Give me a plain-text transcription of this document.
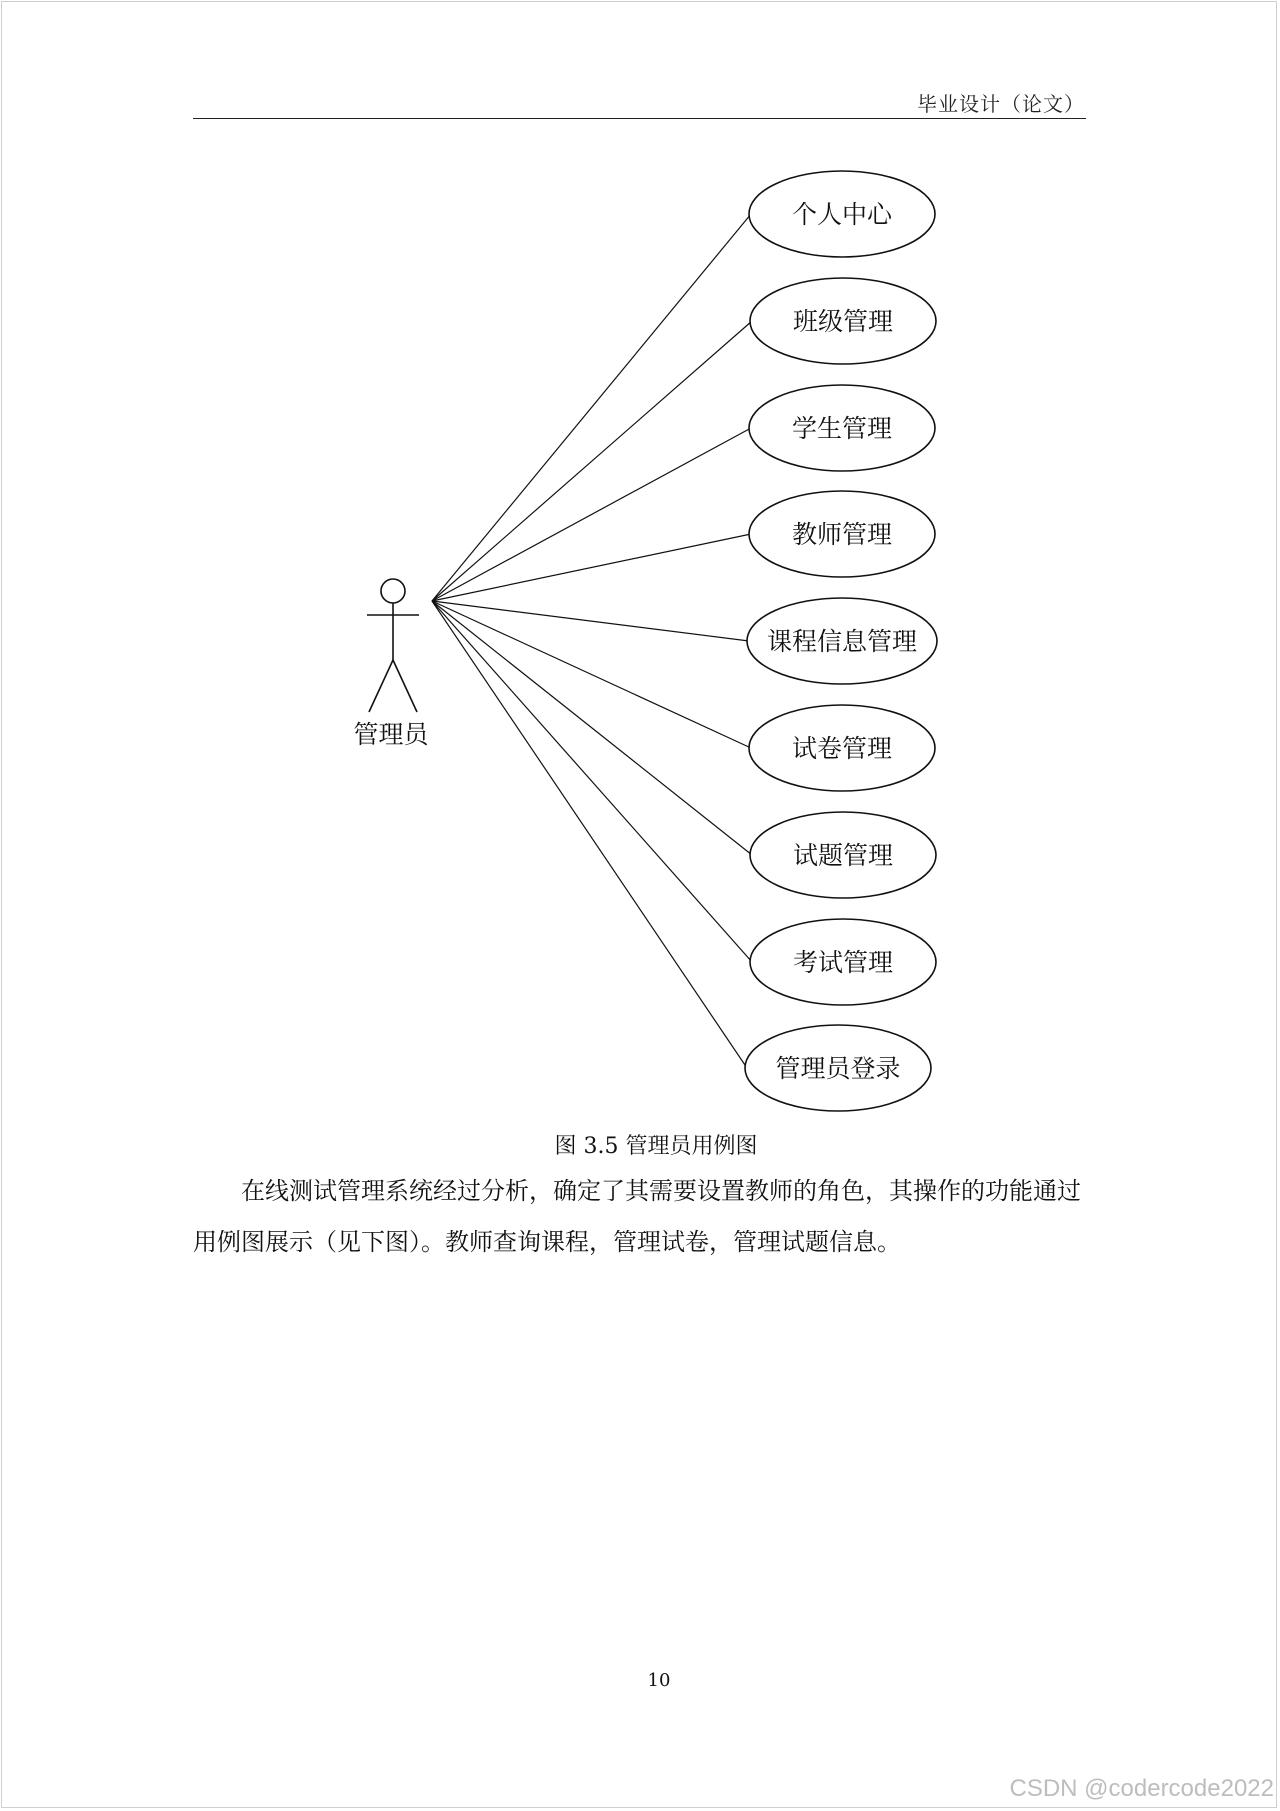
毕业设计（论文）
个人中心
班级管理
学生管理
教师管理
课程信息管理
试卷管理
试题管理
考试管理
管理员登录
管理员
图 3.5 管理员用例图

在线测试管理系统经过分析，确定了其需要设置教师的角色，其操作的功能通过用例图展示（见下图）。教师查询课程，管理试卷，管理试题信息。

10
CSDN @codercode2022
